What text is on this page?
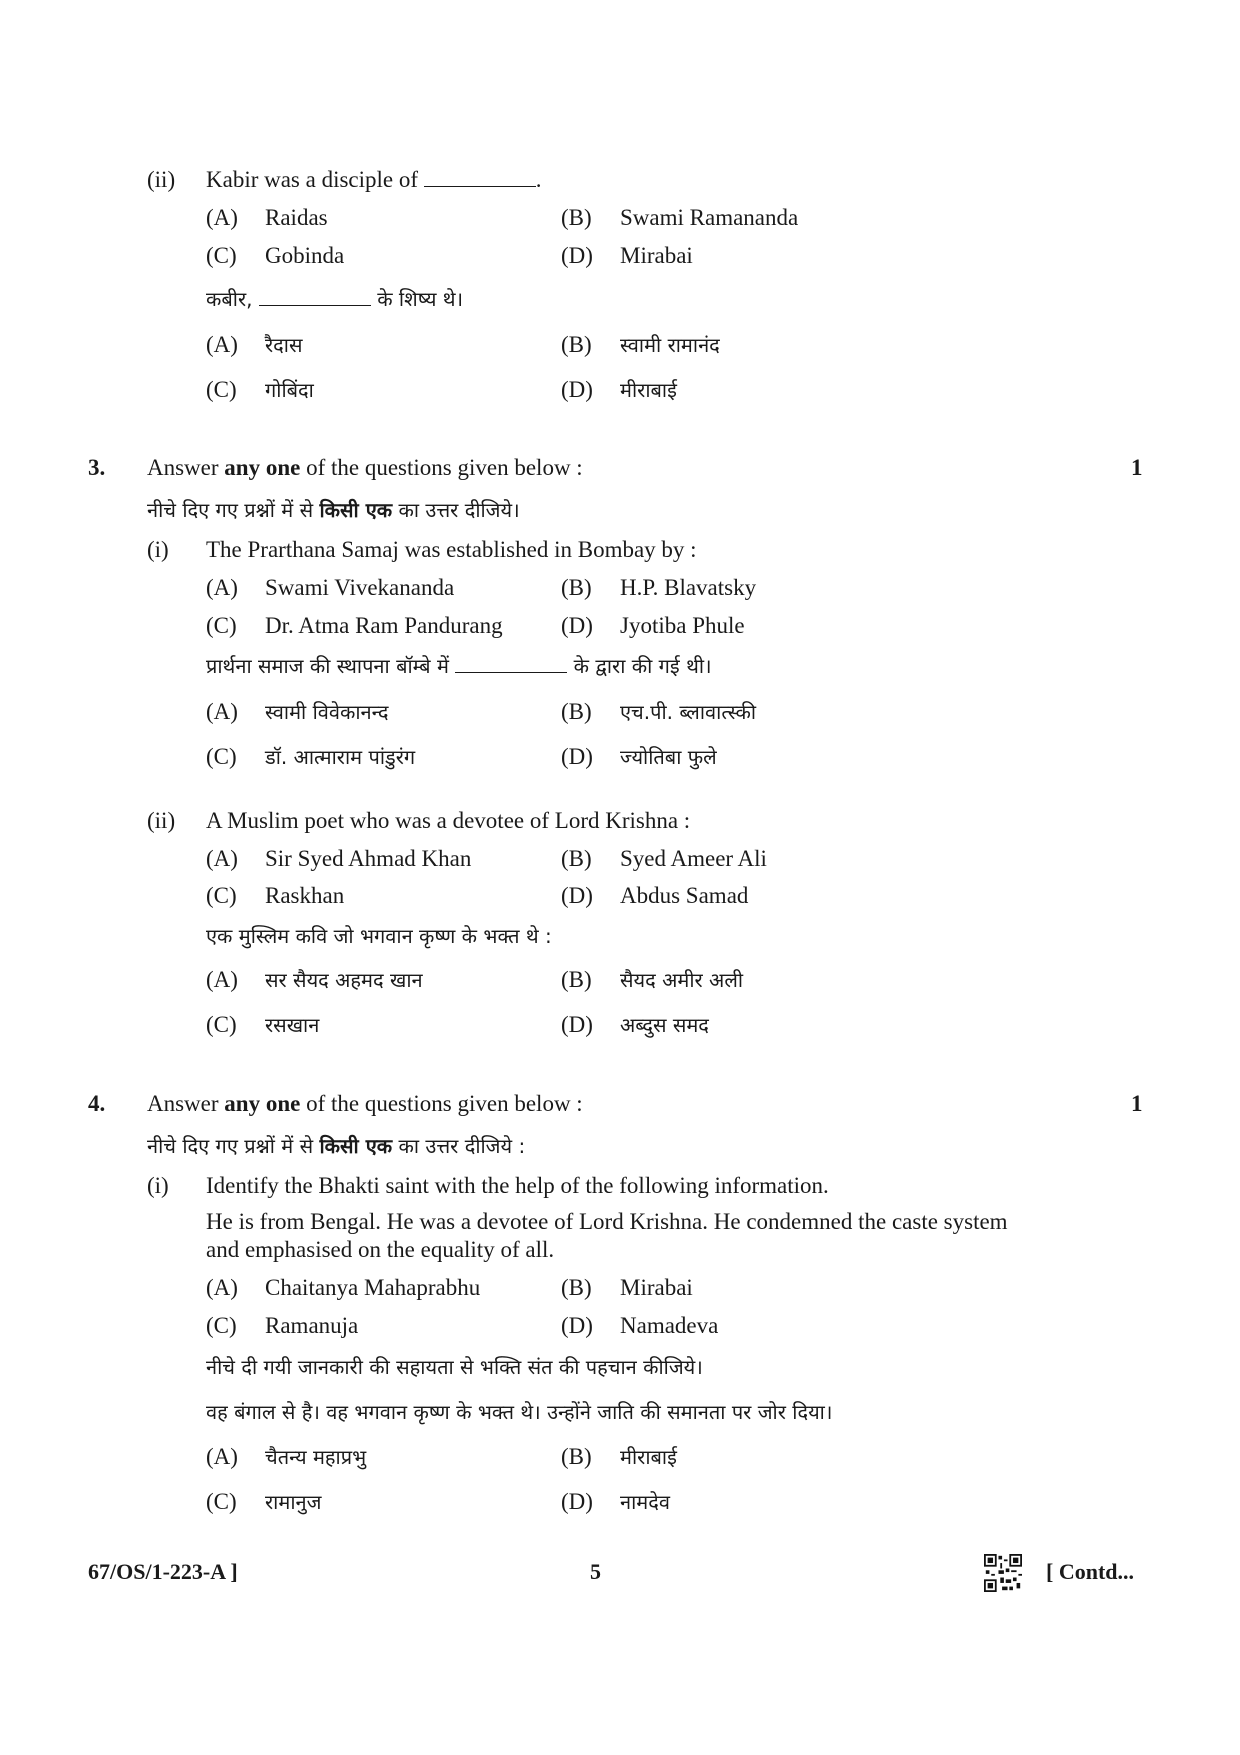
(ii) Kabir was a disciple of	.
(A) Raidas	(B) Swami Ramananda
(C) Gobinda	(D) Mirabai
कबीर,	के शिष्य थे।
(A) रैदास	(B) स्वामी रामानंद
(C) गोबिंदा	(D) मीराबाई
3. Answer any one of the questions given below :	1
नीचे दिए गए प्रश्नों में से किसी एक का उत्तर दीजिये।
(i) The Prarthana Samaj was established in Bombay by :
(A) Swami Vivekananda	(B) H.P. Blavatsky
(C) Dr. Atma Ram Pandurang	(D) Jyotiba Phule
प्रार्थना समाज की स्थापना बॉम्बे में	के द्वारा की गई थी।
(A) स्वामी विवेकानन्द	(B) एच.पी. ब्लावात्स्की
(C) डॉ. आत्माराम पांडुरंग	(D) ज्योतिबा फुले
(ii) A Muslim poet who was a devotee of Lord Krishna :
(A) Sir Syed Ahmad Khan	(B) Syed Ameer Ali
(C) Raskhan	(D) Abdus Samad
एक मुस्लिम कवि जो भगवान कृष्ण के भक्त थे :
(A) सर सैयद अहमद खान	(B) सैयद अमीर अली
(C) रसखान	(D) अब्दुस समद
4. Answer any one of the questions given below :	1
नीचे दिए गए प्रश्नों में से किसी एक का उत्तर दीजिये :
(i) Identify the Bhakti saint with the help of the following information.
He is from Bengal. He was a devotee of Lord Krishna. He condemned the caste system
and emphasised on the equality of all.
(A) Chaitanya Mahaprabhu	(B) Mirabai
(C) Ramanuja	(D) Namadeva
नीचे दी गयी जानकारी की सहायता से भक्ति संत की पहचान कीजिये।
वह बंगाल से है। वह भगवान कृष्ण के भक्त थे। उन्होंने जाति की समानता पर जोर दिया।
(A) चैतन्य महाप्रभु	(B) मीराबाई
(C) रामानुज	(D) नामदेव
67/OS/1-223-A ]	5	[ Contd...
